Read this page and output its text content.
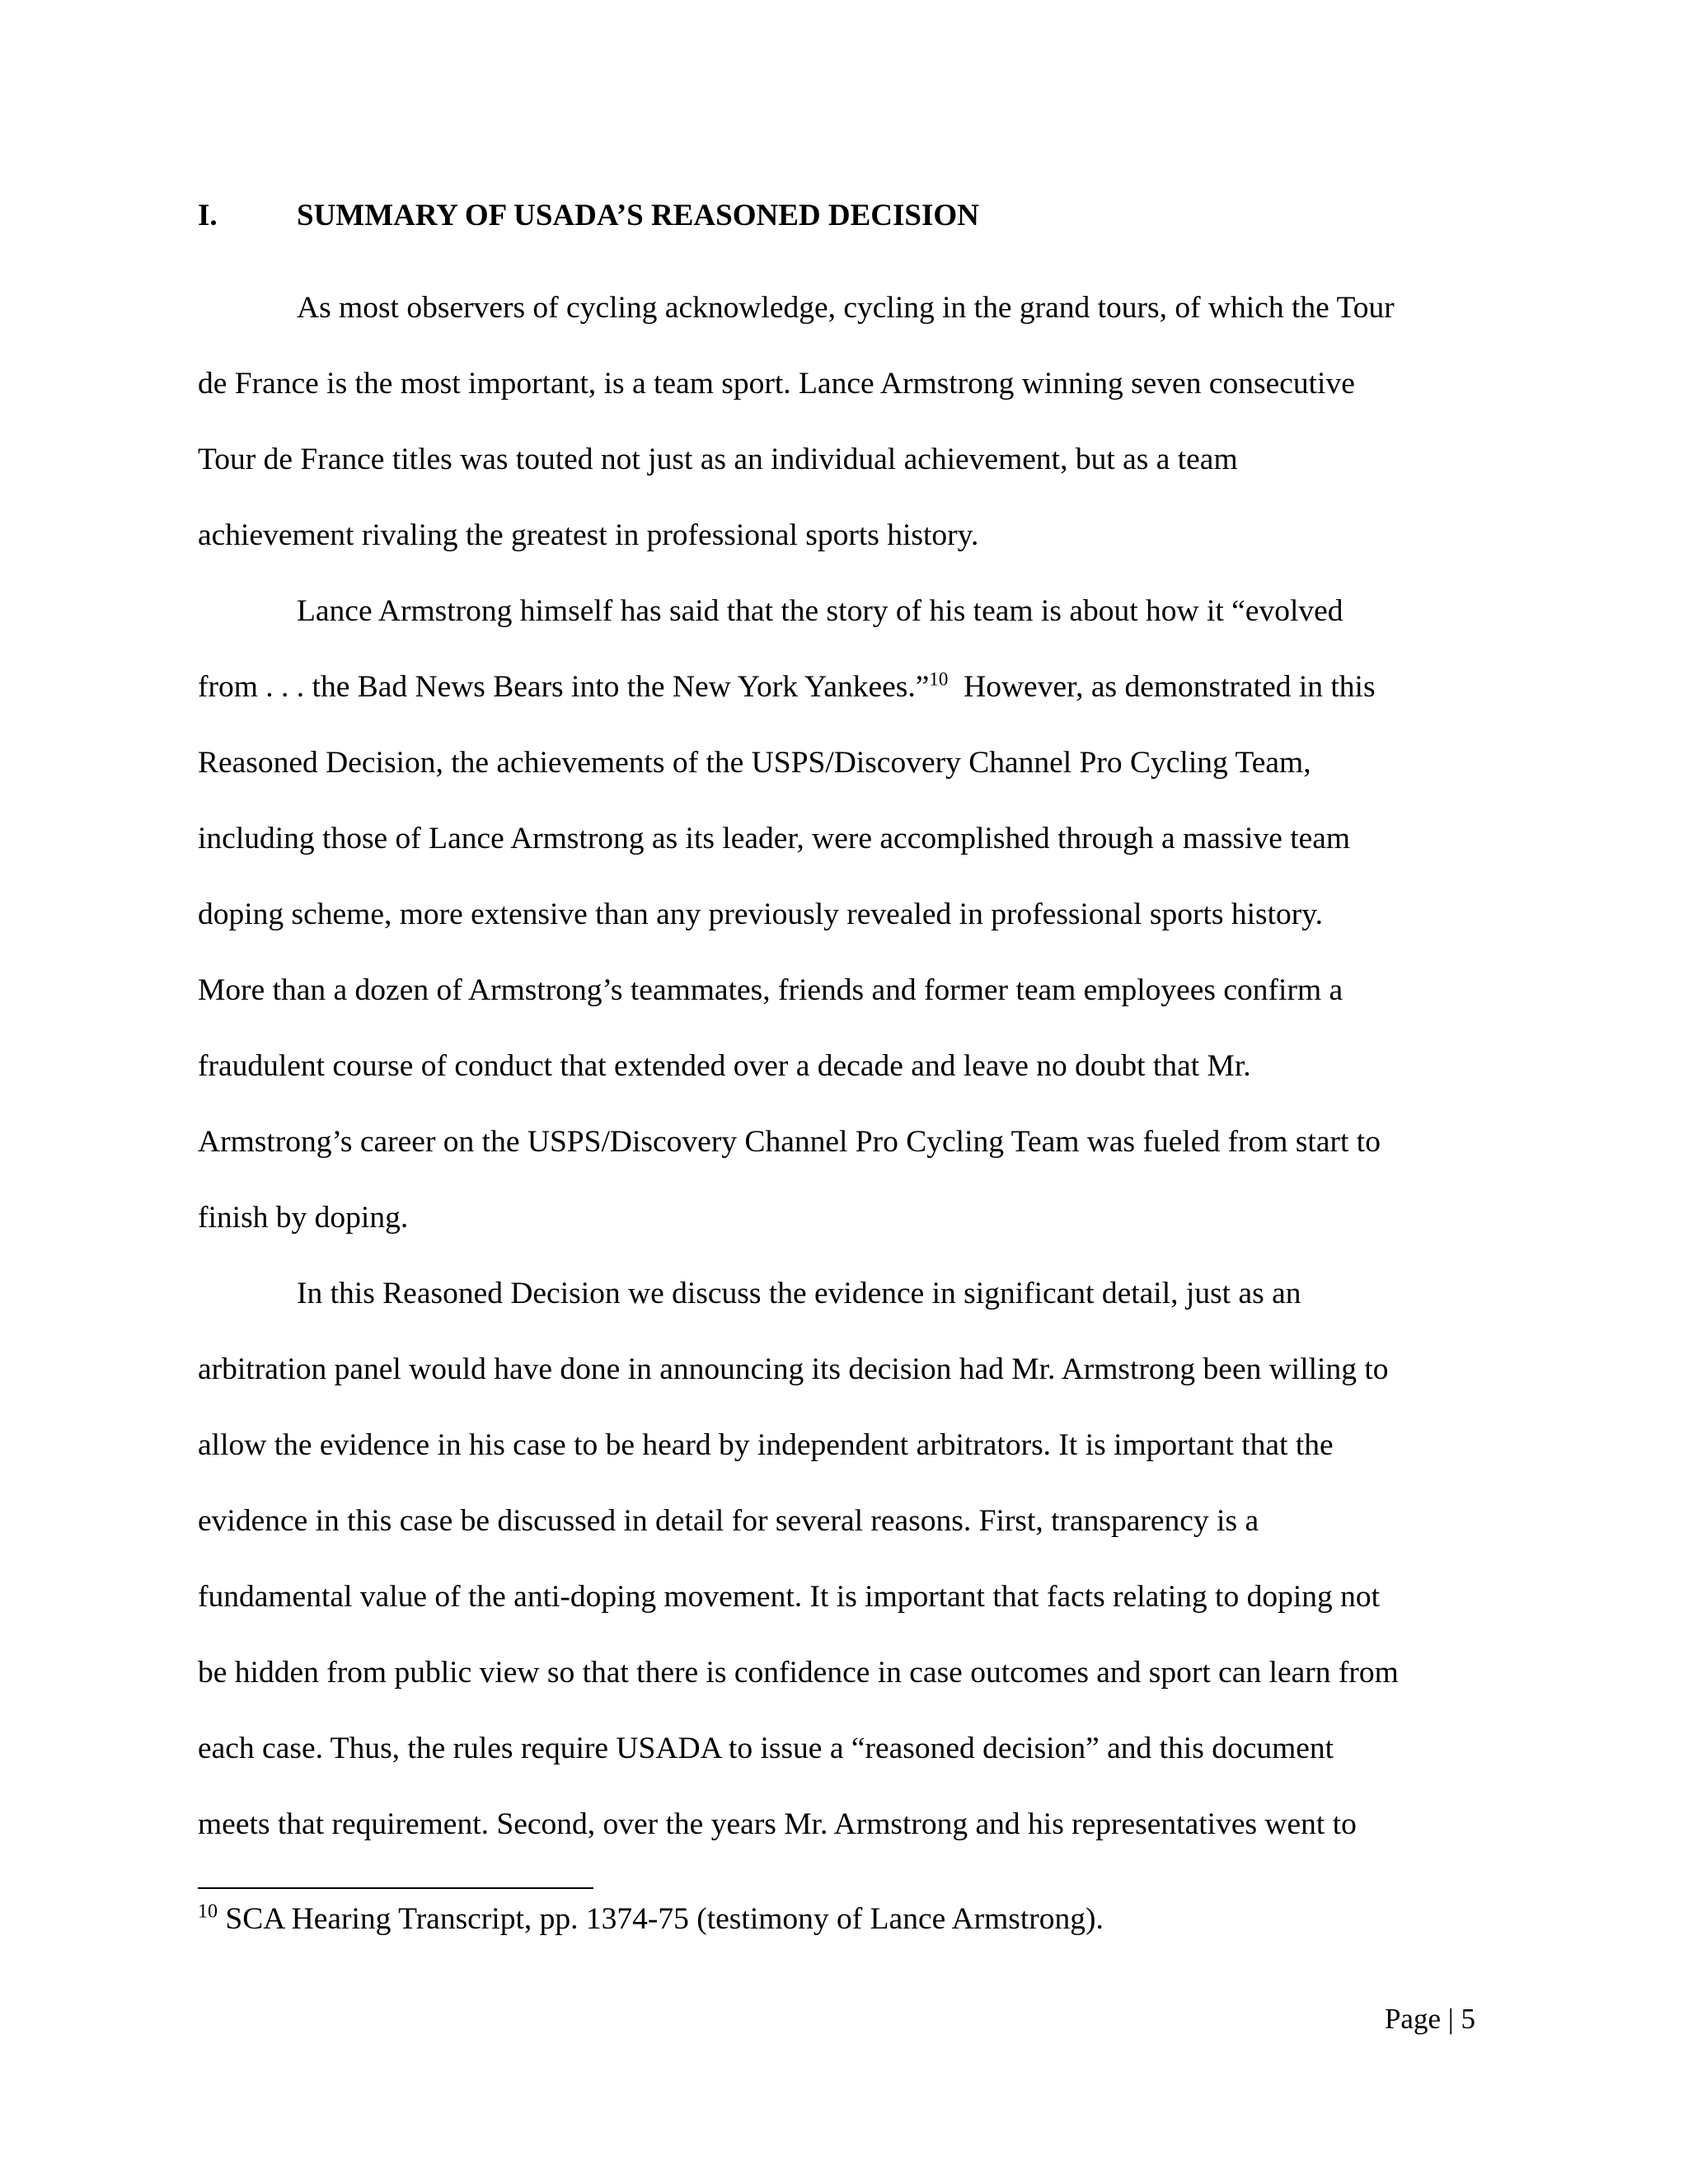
I.	SUMMARY OF USADA’S REASONED DECISION
As most observers of cycling acknowledge, cycling in the grand tours, of which the Tour
de France is the most important, is a team sport. Lance Armstrong winning seven consecutive
Tour de France titles was touted not just as an individual achievement, but as a team
achievement rivaling the greatest in professional sports history.
Lance Armstrong himself has said that the story of his team is about how it “evolved
from . . . the Bad News Bears into the New York Yankees.”$^{10}$  However, as demonstrated in this
Reasoned Decision, the achievements of the USPS/Discovery Channel Pro Cycling Team,
including those of Lance Armstrong as its leader, were accomplished through a massive team
doping scheme, more extensive than any previously revealed in professional sports history.
More than a dozen of Armstrong’s teammates, friends and former team employees confirm a
fraudulent course of conduct that extended over a decade and leave no doubt that Mr.
Armstrong’s career on the USPS/Discovery Channel Pro Cycling Team was fueled from start to
finish by doping.
In this Reasoned Decision we discuss the evidence in significant detail, just as an
arbitration panel would have done in announcing its decision had Mr. Armstrong been willing to
allow the evidence in his case to be heard by independent arbitrators. It is important that the
evidence in this case be discussed in detail for several reasons. First, transparency is a
fundamental value of the anti-doping movement. It is important that facts relating to doping not
be hidden from public view so that there is confidence in case outcomes and sport can learn from
each case. Thus, the rules require USADA to issue a “reasoned decision” and this document
meets that requirement. Second, over the years Mr. Armstrong and his representatives went to
$^{10}$ SCA Hearing Transcript, pp. 1374-75 (testimony of Lance Armstrong).
Page | 5
